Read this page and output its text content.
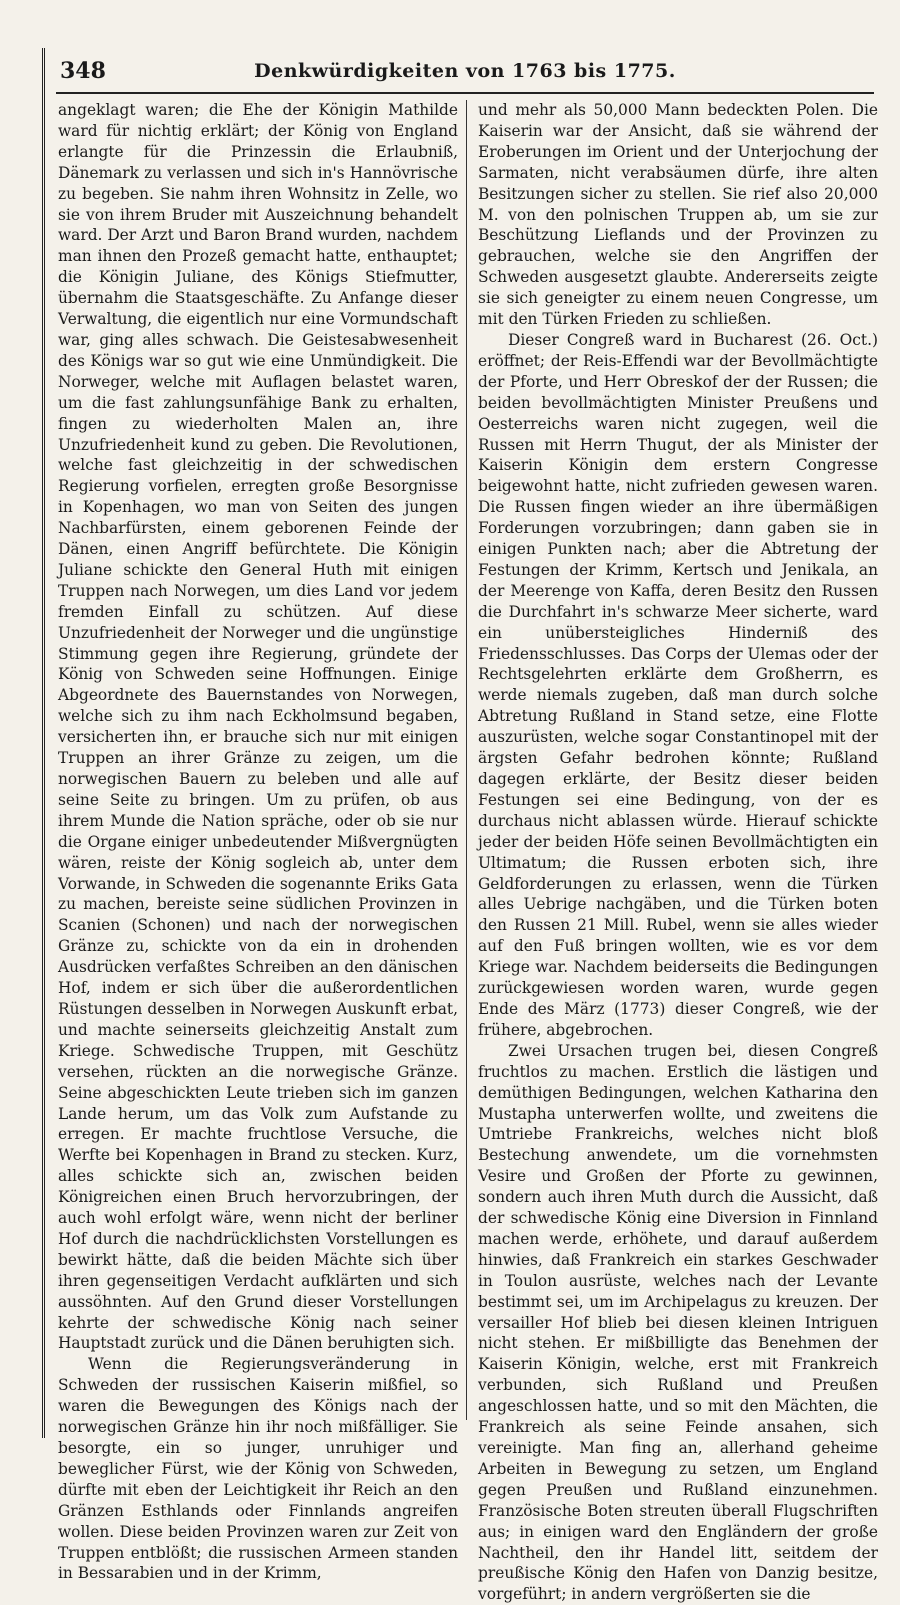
348	Denkwürdigkeiten von 1763 bis 1775.

angeklagt waren; die Ehe der Königin Mathilde ward für nichtig erklärt; der König von England erlangte für die Prinzessin die Erlaubniß, Dänemark zu verlassen und sich in's Hannövrische zu begeben. Sie nahm ihren Wohnsitz in Zelle, wo sie von ihrem Bruder mit Auszeichnung behandelt ward. Der Arzt und Baron Brand wurden, nachdem man ihnen den Prozeß gemacht hatte, enthauptet; die Königin Juliane, des Königs Stiefmutter, übernahm die Staatsgeschäfte. Zu Anfange dieser Verwaltung, die eigentlich nur eine Vormundschaft war, ging alles schwach. Die Geistesabwesenheit des Königs war so gut wie eine Unmündigkeit. Die Norweger, welche mit Auflagen belastet waren, um die fast zahlungsunfähige Bank zu erhalten, fingen zu wiederholten Malen an, ihre Unzufriedenheit kund zu geben. Die Revolutionen, welche fast gleichzeitig in der schwedischen Regierung vorfielen, erregten große Besorgnisse in Kopenhagen, wo man von Seiten des jungen Nachbarfürsten, einem geborenen Feinde der Dänen, einen Angriff befürchtete. Die Königin Juliane schickte den General Huth mit einigen Truppen nach Norwegen, um dies Land vor jedem fremden Einfall zu schützen. Auf diese Unzufriedenheit der Norweger und die ungünstige Stimmung gegen ihre Regierung, gründete der König von Schweden seine Hoffnungen. Einige Abgeordnete des Bauernstandes von Norwegen, welche sich zu ihm nach Eckholmsund begaben, versicherten ihn, er brauche sich nur mit einigen Truppen an ihrer Gränze zu zeigen, um die norwegischen Bauern zu beleben und alle auf seine Seite zu bringen. Um zu prüfen, ob aus ihrem Munde die Nation spräche, oder ob sie nur die Organe einiger unbedeutender Mißvergnügten wären, reiste der König sogleich ab, unter dem Vorwande, in Schweden die sogenannte Eriks Gata zu machen, bereiste seine südlichen Provinzen in Scanien (Schonen) und nach der norwegischen Gränze zu, schickte von da ein in drohenden Ausdrücken verfaßtes Schreiben an den dänischen Hof, indem er sich über die außerordentlichen Rüstungen desselben in Norwegen Auskunft erbat, und machte seinerseits gleichzeitig Anstalt zum Kriege. Schwedische Truppen, mit Geschütz versehen, rückten an die norwegische Gränze. Seine abgeschickten Leute trieben sich im ganzen Lande herum, um das Volk zum Aufstande zu erregen. Er machte fruchtlose Versuche, die Werfte bei Kopenhagen in Brand zu stecken. Kurz, alles schickte sich an, zwischen beiden Königreichen einen Bruch hervorzubringen, der auch wohl erfolgt wäre, wenn nicht der berliner Hof durch die nachdrücklichsten Vorstellungen es bewirkt hätte, daß die beiden Mächte sich über ihren gegenseitigen Verdacht aufklärten und sich aussöhnten. Auf den Grund dieser Vorstellungen kehrte der schwedische König nach seiner Hauptstadt zurück und die Dänen beruhigten sich.

Wenn die Regierungsveränderung in Schweden der russischen Kaiserin mißfiel, so waren die Bewegungen des Königs nach der norwegischen Gränze hin ihr noch mißfälliger. Sie besorgte, ein so junger, unruhiger und beweglicher Fürst, wie der König von Schweden, dürfte mit eben der Leichtigkeit ihr Reich an den Gränzen Esthlands oder Finnlands angreifen wollen. Diese beiden Provinzen waren zur Zeit von Truppen entblößt; die russischen Armeen standen in Bessarabien und in der Krimm,

und mehr als 50,000 Mann bedeckten Polen. Die Kaiserin war der Ansicht, daß sie während der Eroberungen im Orient und der Unterjochung der Sarmaten, nicht verabsäumen dürfe, ihre alten Besitzungen sicher zu stellen. Sie rief also 20,000 M. von den polnischen Truppen ab, um sie zur Beschützung Lieflands und der Provinzen zu gebrauchen, welche sie den Angriffen der Schweden ausgesetzt glaubte. Andererseits zeigte sie sich geneigter zu einem neuen Congresse, um mit den Türken Frieden zu schließen.

Dieser Congreß ward in Bucharest (26. Oct.) eröffnet; der Reis-Effendi war der Bevollmächtigte der Pforte, und Herr Obreskof der der Russen; die beiden bevollmächtigten Minister Preußens und Oesterreichs waren nicht zugegen, weil die Russen mit Herrn Thugut, der als Minister der Kaiserin Königin dem erstern Congresse beigewohnt hatte, nicht zufrieden gewesen waren. Die Russen fingen wieder an ihre übermäßigen Forderungen vorzubringen; dann gaben sie in einigen Punkten nach; aber die Abtretung der Festungen der Krimm, Kertsch und Jenikala, an der Meerenge von Kaffa, deren Besitz den Russen die Durchfahrt in's schwarze Meer sicherte, ward ein unübersteigliches Hinderniß des Friedensschlusses. Das Corps der Ulemas oder der Rechtsgelehrten erklärte dem Großherrn, es werde niemals zugeben, daß man durch solche Abtretung Rußland in Stand setze, eine Flotte auszurüsten, welche sogar Constantinopel mit der ärgsten Gefahr bedrohen könnte; Rußland dagegen erklärte, der Besitz dieser beiden Festungen sei eine Bedingung, von der es durchaus nicht ablassen würde. Hierauf schickte jeder der beiden Höfe seinen Bevollmächtigten ein Ultimatum; die Russen erboten sich, ihre Geldforderungen zu erlassen, wenn die Türken alles Uebrige nachgäben, und die Türken boten den Russen 21 Mill. Rubel, wenn sie alles wieder auf den Fuß bringen wollten, wie es vor dem Kriege war. Nachdem beiderseits die Bedingungen zurückgewiesen worden waren, wurde gegen Ende des März (1773) dieser Congreß, wie der frühere, abgebrochen.

Zwei Ursachen trugen bei, diesen Congreß fruchtlos zu machen. Erstlich die lästigen und demüthigen Bedingungen, welchen Katharina den Mustapha unterwerfen wollte, und zweitens die Umtriebe Frankreichs, welches nicht bloß Bestechung anwendete, um die vornehmsten Vesire und Großen der Pforte zu gewinnen, sondern auch ihren Muth durch die Aussicht, daß der schwedische König eine Diversion in Finnland machen werde, erhöhete, und darauf außerdem hinwies, daß Frankreich ein starkes Geschwader in Toulon ausrüste, welches nach der Levante bestimmt sei, um im Archipelagus zu kreuzen. Der versailler Hof blieb bei diesen kleinen Intriguen nicht stehen. Er mißbilligte das Benehmen der Kaiserin Königin, welche, erst mit Frankreich verbunden, sich Rußland und Preußen angeschlossen hatte, und so mit den Mächten, die Frankreich als seine Feinde ansahen, sich vereinigte. Man fing an, allerhand geheime Arbeiten in Bewegung zu setzen, um England gegen Preußen und Rußland einzunehmen. Französische Boten streuten überall Flugschriften aus; in einigen ward den Engländern der große Nachtheil, den ihr Handel litt, seitdem der preußische König den Hafen von Danzig besitze, vorgeführt; in andern vergrößerten sie die
